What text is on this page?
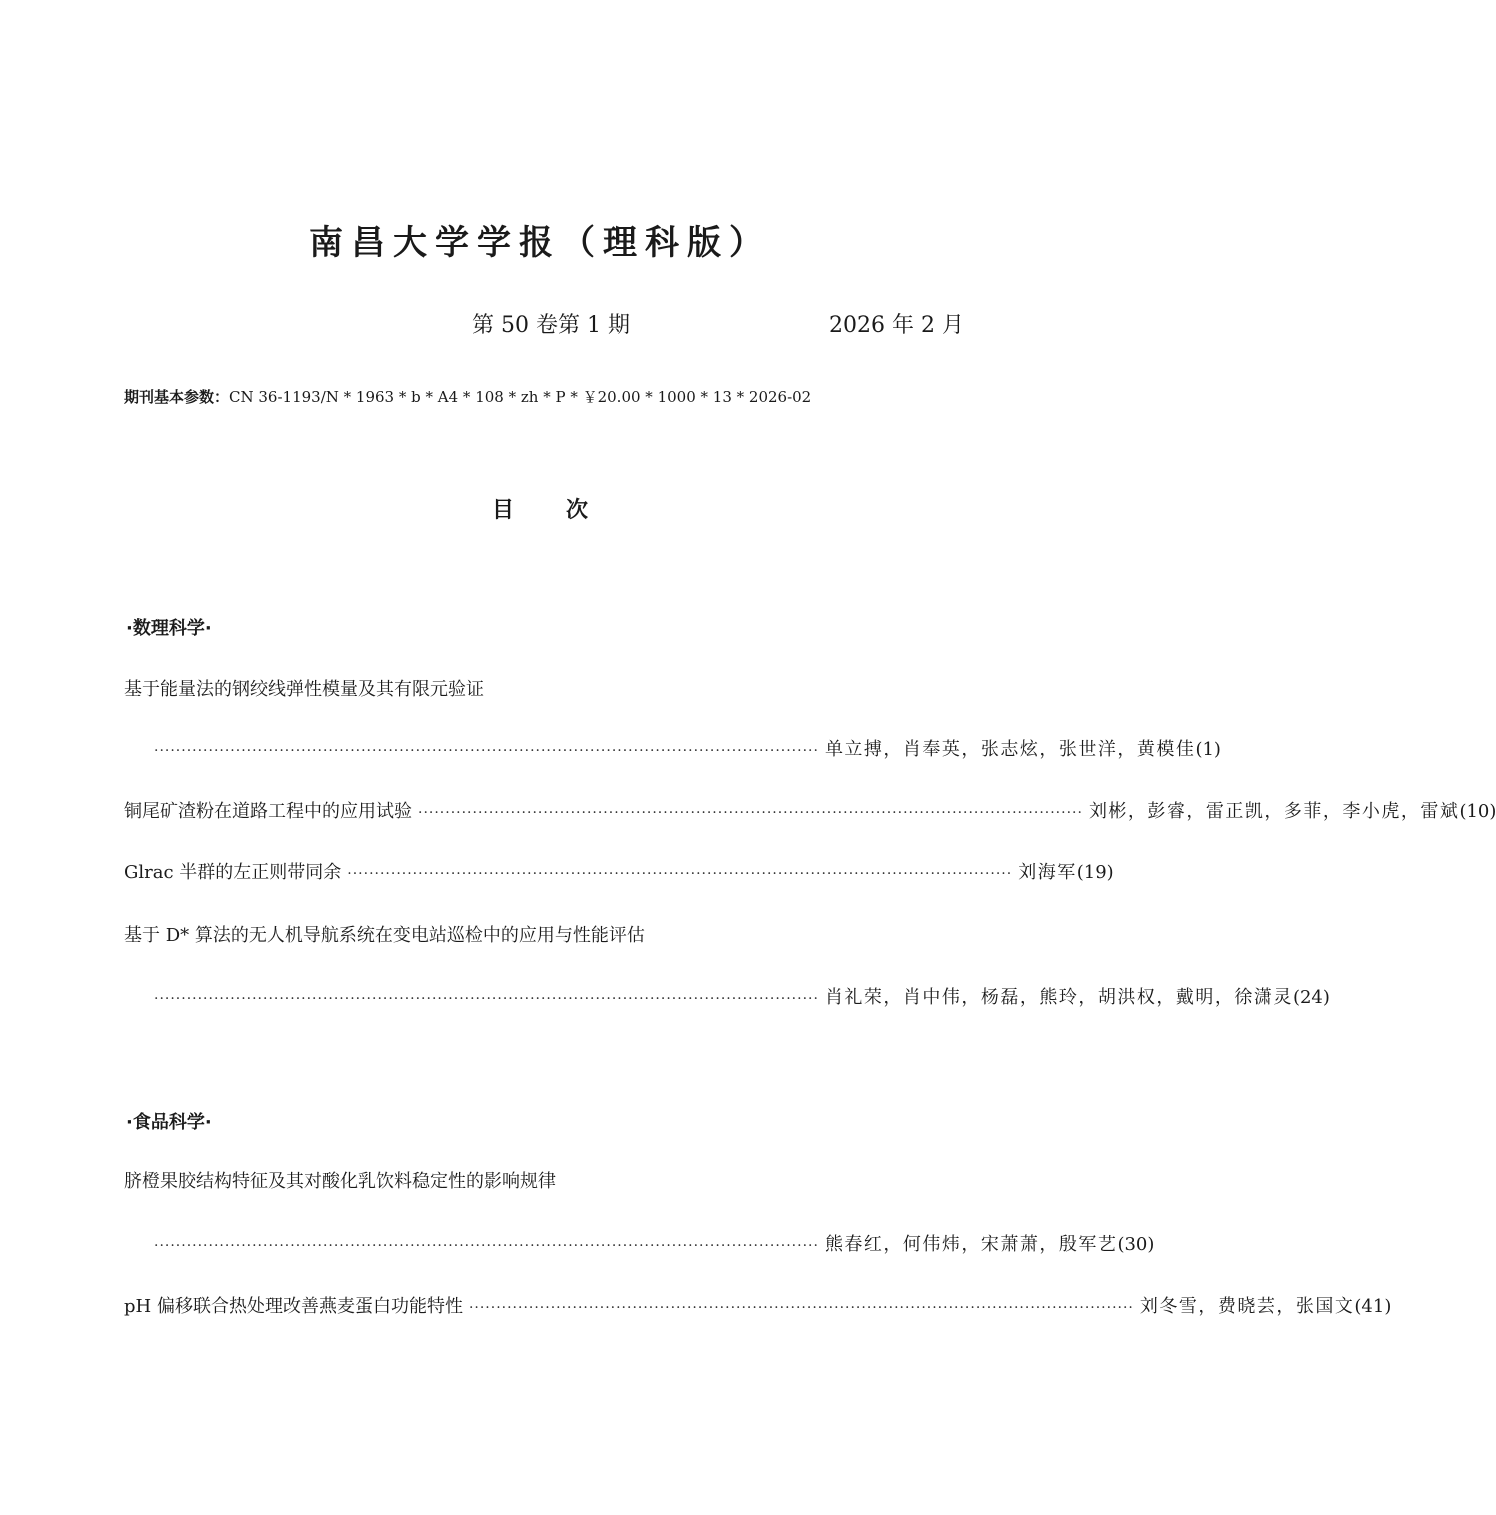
南昌大学学报（理科版）
第 50 卷第 1 期	2026 年 2 月
期刊基本参数：CN 36-1193/N * 1963 * b * A4 * 108 * zh * P * ￥20.00 * 1000 * 13 * 2026-02
目次
·数理科学·
基于能量法的钢绞线弹性模量及其有限元验证
·························································································································· 单立搏，肖奉英，张志炫，张世洋，黄模佳 (1)
铜尾矿渣粉在道路工程中的应用试验 ·························································································································· 刘彬，彭睿，雷正凯，多菲，李小虎，雷斌 (10)
Glrac 半群的左正则带同余 ·························································································································· 刘海军 (19)
基于 D* 算法的无人机导航系统在变电站巡检中的应用与性能评估
·························································································································· 肖礼荣，肖中伟，杨磊，熊玲，胡洪权，戴明，徐潇灵 (24)
·食品科学·
脐橙果胶结构特征及其对酸化乳饮料稳定性的影响规律
·························································································································· 熊春红，何伟炜，宋萧萧，殷军艺 (30)
pH 偏移联合热处理改善燕麦蛋白功能特性 ·························································································································· 刘冬雪，费晓芸，张国文 (41)
